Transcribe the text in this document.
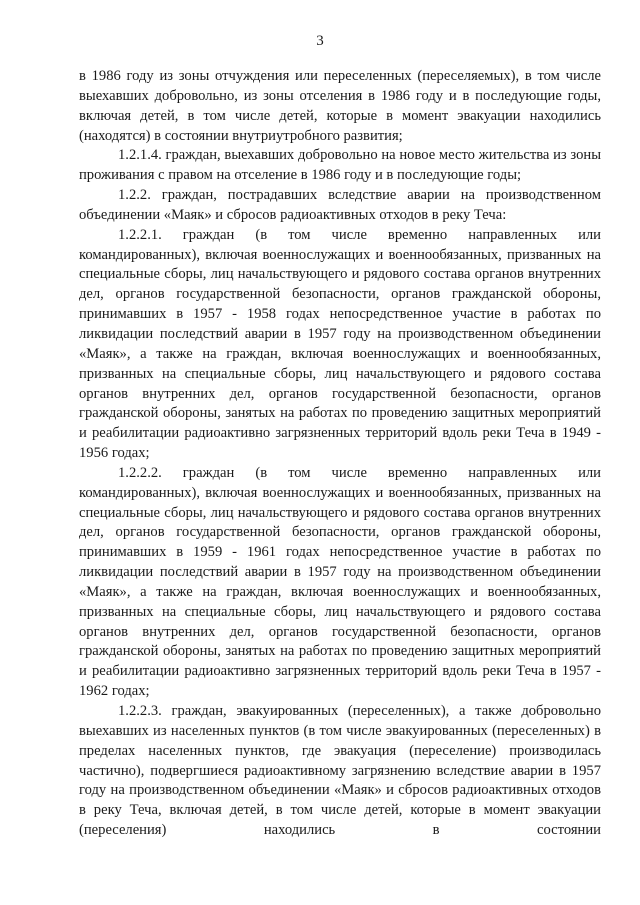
3

в 1986 году из зоны отчуждения или переселенных (переселяемых), в том числе выехавших добровольно, из зоны отселения в 1986 году и в последующие годы, включая детей, в том числе детей, которые в момент эвакуации находились (находятся) в состоянии внутриутробного развития;

1.2.1.4. граждан, выехавших добровольно на новое место жительства из зоны проживания с правом на отселение в 1986 году и в последующие годы;

1.2.2. граждан, пострадавших вследствие аварии на производственном объединении «Маяк» и сбросов радиоактивных отходов в реку Теча:

1.2.2.1. граждан (в том числе временно направленных или командированных), включая военнослужащих и военнообязанных, призванных на специальные сборы, лиц начальствующего и рядового состава органов внутренних дел, органов государственной безопасности, органов гражданской обороны, принимавших в 1957 - 1958 годах непосредственное участие в работах по ликвидации последствий аварии в 1957 году на производственном объединении «Маяк», а также на граждан, включая военнослужащих и военнообязанных, призванных на специальные сборы, лиц начальствующего и рядового состава органов внутренних дел, органов государственной безопасности, органов гражданской обороны, занятых на работах по проведению защитных мероприятий и реабилитации радиоактивно загрязненных территорий вдоль реки Теча в 1949 - 1956 годах;

1.2.2.2. граждан (в том числе временно направленных или командированных), включая военнослужащих и военнообязанных, призванных на специальные сборы, лиц начальствующего и рядового состава органов внутренних дел, органов государственной безопасности, органов гражданской обороны, принимавших в 1959 - 1961 годах непосредственное участие в работах по ликвидации последствий аварии в 1957 году на производственном объединении «Маяк», а также на граждан, включая военнослужащих и военнообязанных, призванных на специальные сборы, лиц начальствующего и рядового состава органов внутренних дел, органов государственной безопасности, органов гражданской обороны, занятых на работах по проведению защитных мероприятий и реабилитации радиоактивно загрязненных территорий вдоль реки Теча в 1957 - 1962 годах;

1.2.2.3. граждан, эвакуированных (переселенных), а также добровольно выехавших из населенных пунктов (в том числе эвакуированных (переселенных) в пределах населенных пунктов, где эвакуация (переселение) производилась частично), подвергшиеся радиоактивному загрязнению вследствие аварии в 1957 году на производственном объединении «Маяк» и сбросов радиоактивных отходов в реку Теча, включая детей, в том числе детей, которые в момент эвакуации (переселения) находились в состоянии
